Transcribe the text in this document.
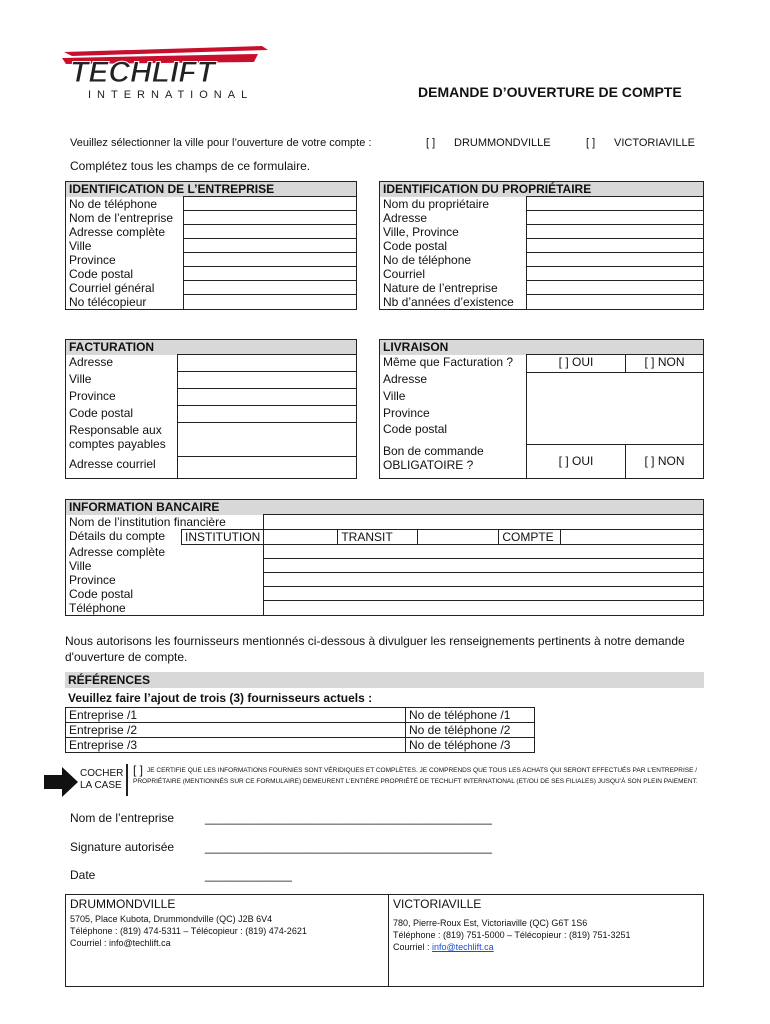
TECHLIFT
INTERNATIONAL	DEMANDE D’OUVERTURE DE COMPTE
Veuillez sélectionner la ville pour l’ouverture de votre compte :	[ ] DRUMMONDVILLE	[ ] VICTORIAVILLE
Complétez tous les champs de ce formulaire.
IDENTIFICATION DE L’ENTREPRISE	
No de téléphone	
Nom de l’entreprise	
Adresse complète	
Ville	
Province	
Code postal	
Courriel général	
No télécopieur	
IDENTIFICATION DU PROPRIÉTAIRE	
Nom du propriétaire	
Adresse	
Ville, Province	
Code postal	
No de téléphone	
Courriel	
Nature de l’entreprise	
Nb d’années d’existence	
FACTURATION	
Adresse	
Ville	
Province	
Code postal	
Responsable aux
comptes payables	
Adresse courriel	
LIVRAISON		
Même que Facturation ?	[ ] OUI	[ ] NON
Adresse		
Ville		
Province		
Code postal		
Bon de commande
OBLIGATOIRE ?	[ ] OUI	[ ] NON
INFORMATION BANCAIRE						
Nom de l’institution financière						
Détails du compte	INSTITUTION		TRANSIT		COMPTE	
Adresse complète						
Ville						
Province						
Code postal						
Téléphone						
Nous autorisons les fournisseurs mentionnés ci-dessous à divulguer les renseignements pertinents à notre demande d'ouverture de compte.
RÉFÉRENCES
Veuillez faire l’ajout de trois (3) fournisseurs actuels :
Entreprise /1	No de téléphone /1
Entreprise /2	No de téléphone /2
Entreprise /3	No de téléphone /3
COCHER
LA CASE
[ ] JE CERTIFIE QUE LES INFORMATIONS FOURNIES SONT VÉRIDIQUES ET COMPLÈTES. JE COMPRENDS QUE TOUS LES ACHATS QUI SERONT EFFECTUÉS PAR L’ENTREPRISE / PROPRIÉTAIRE (MENTIONNÉS SUR CE FORMULAIRE) DEMEURENT L’ENTIÈRE PROPRIÉTÉ DE TECHLIFT INTERNATIONAL (ET/OU DE SES FILIALES) JUSQU’À SON PLEIN PAIEMENT.
Nom de l’entreprise	___________________________________________
Signature autorisée	___________________________________________
Date	_____________
DRUMMONDVILLE
5705, Place Kubota, Drummondville (QC) J2B 6V4
Téléphone : (819) 474-5311 – Télécopieur : (819) 474-2621
Courriel : info@techlift.ca
VICTORIAVILLE
780, Pierre-Roux Est, Victoriaville (QC) G6T 1S6
Téléphone : (819) 751-5000 – Télécopieur : (819) 751-3251
Courriel : info@techlift.ca
